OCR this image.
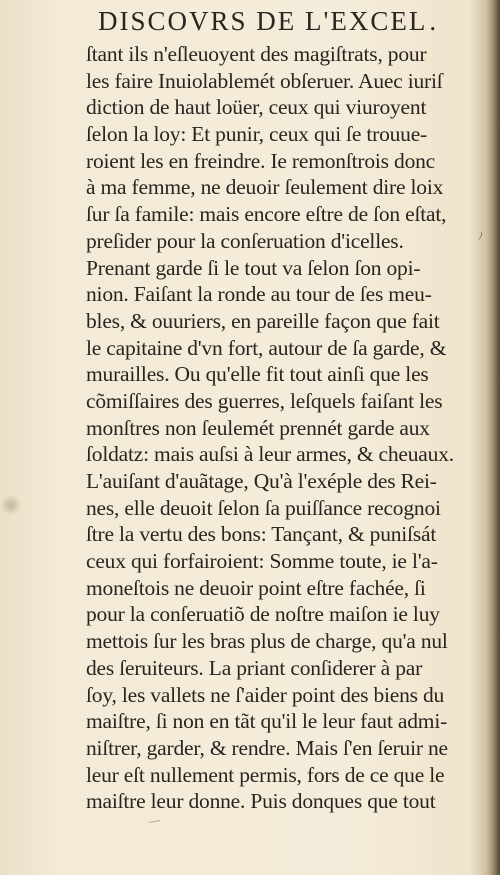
ﾉ
DISCOVRS DE L'EXCEL.
ſtant ils n'eſleuoyent des magiſtrats, pour
les faire Inuiolablemét obſeruer. Auec iuriſ
diction de haut loüer, ceux qui viuroyent
ſelon la loy: Et punir, ceux qui ſe trouue-
roient les en freindre. Ie remonſtrois donc
à ma femme, ne deuoir ſeulement dire loix
ſur ſa famile: mais encore eſtre de ſon eſtat,
preſider pour la conſeruation d'icelles.
Prenant garde ſi le tout va ſelon ſon opi-
nion. Faiſant la ronde au tour de ſes meu-
bles, & ouuriers, en pareille façon que fait
le capitaine d'vn fort, autour de ſa garde, &
murailles. Ou qu'elle fit tout ainſi que les
cõmiſſaires des guerres, leſquels faiſant les
monſtres non ſeulemét prennét garde aux
ſoldatz: mais auſsi à leur armes, & cheuaux.
L'auiſant d'auãtage, Qu'à l'exéple des Rei-
nes, elle deuoit ſelon ſa puiſſance recognoi
ſtre la vertu des bons: Tançant, & puniſsát
ceux qui forfairoient: Somme toute, ie l'a-
moneſtois ne deuoir point eſtre fachée, ſi
pour la conſeruatiõ de noſtre maiſon ie luy
mettois ſur les bras plus de charge, qu'a nul
des ſeruiteurs. La priant conſiderer à par
ſoy, les vallets ne ſ'aider point des biens du
maiſtre, ſi non en tãt qu'il le leur faut admi-
niſtrer, garder, & rendre. Mais ſ'en ſeruir ne
leur eſt nullement permis, fors de ce que le
maiſtre leur donne. Puis donques que tout
